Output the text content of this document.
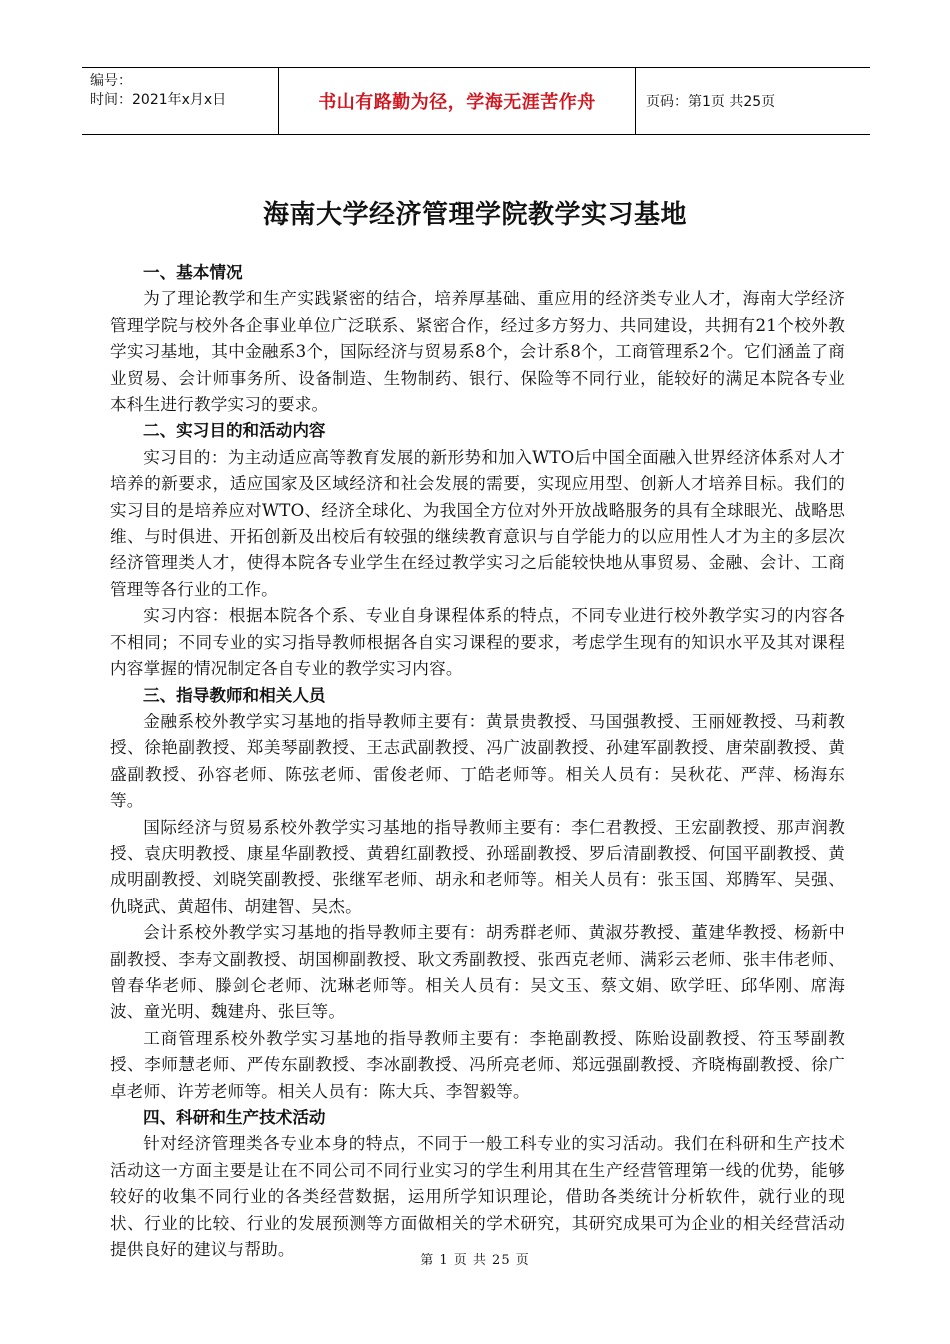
编号：
时间：2021年x月x日	书山有路勤为径，学海无涯苦作舟	页码：第1页 共25页
海南大学经济管理学院教学实习基地
一、基本情况

为了理论教学和生产实践紧密的结合，培养厚基础、重应用的经济类专业人才，海南大学经济管理学院与校外各企事业单位广泛联系、紧密合作，经过多方努力、共同建设，共拥有21个校外教学实习基地，其中金融系3个，国际经济与贸易系8个，会计系8个，工商管理系2个。它们涵盖了商业贸易、会计师事务所、设备制造、生物制药、银行、保险等不同行业，能较好的满足本院各专业本科生进行教学实习的要求。

二、实习目的和活动内容

实习目的：为主动适应高等教育发展的新形势和加入WTO后中国全面融入世界经济体系对人才培养的新要求，适应国家及区域经济和社会发展的需要，实现应用型、创新人才培养目标。我们的实习目的是培养应对WTO、经济全球化、为我国全方位对外开放战略服务的具有全球眼光、战略思维、与时俱进、开拓创新及出校后有较强的继续教育意识与自学能力的以应用性人才为主的多层次经济管理类人才，使得本院各专业学生在经过教学实习之后能较快地从事贸易、金融、会计、工商管理等各行业的工作。

实习内容：根据本院各个系、专业自身课程体系的特点，不同专业进行校外教学实习的内容各不相同；不同专业的实习指导教师根据各自实习课程的要求，考虑学生现有的知识水平及其对课程内容掌握的情况制定各自专业的教学实习内容。

三、指导教师和相关人员

金融系校外教学实习基地的指导教师主要有：黄景贵教授、马国强教授、王丽娅教授、马莉教授、徐艳副教授、郑美琴副教授、王志武副教授、冯广波副教授、孙建军副教授、唐荣副教授、黄盛副教授、孙容老师、陈弦老师、雷俊老师、丁皓老师等。相关人员有：吴秋花、严萍、杨海东等。

国际经济与贸易系校外教学实习基地的指导教师主要有：李仁君教授、王宏副教授、那声润教授、袁庆明教授、康星华副教授、黄碧红副教授、孙瑶副教授、罗后清副教授、何国平副教授、黄成明副教授、刘晓笑副教授、张继军老师、胡永和老师等。相关人员有：张玉国、郑腾军、吴强、仇晓武、黄超伟、胡建智、吴杰。

会计系校外教学实习基地的指导教师主要有：胡秀群老师、黄淑芬教授、董建华教授、杨新中副教授、李寿文副教授、胡国柳副教授、耿文秀副教授、张西克老师、满彩云老师、张丰伟老师、曾春华老师、滕剑仑老师、沈琳老师等。相关人员有：吴文玉、蔡文娟、欧学旺、邱华刚、席海波、童光明、魏建舟、张巨等。

工商管理系校外教学实习基地的指导教师主要有：李艳副教授、陈贻设副教授、符玉琴副教授、李师慧老师、严传东副教授、李冰副教授、冯所亮老师、郑远强副教授、齐晓梅副教授、徐广卓老师、许芳老师等。相关人员有：陈大兵、李智毅等。

四、科研和生产技术活动

针对经济管理类各专业本身的特点，不同于一般工科专业的实习活动。我们在科研和生产技术活动这一方面主要是让在不同公司不同行业实习的学生利用其在生产经营管理第一线的优势，能够较好的收集不同行业的各类经营数据，运用所学知识理论，借助各类统计分析软件，就行业的现状、行业的比较、行业的发展预测等方面做相关的学术研究，其研究成果可为企业的相关经营活动提供良好的建议与帮助。

第 1 页 共 25 页
